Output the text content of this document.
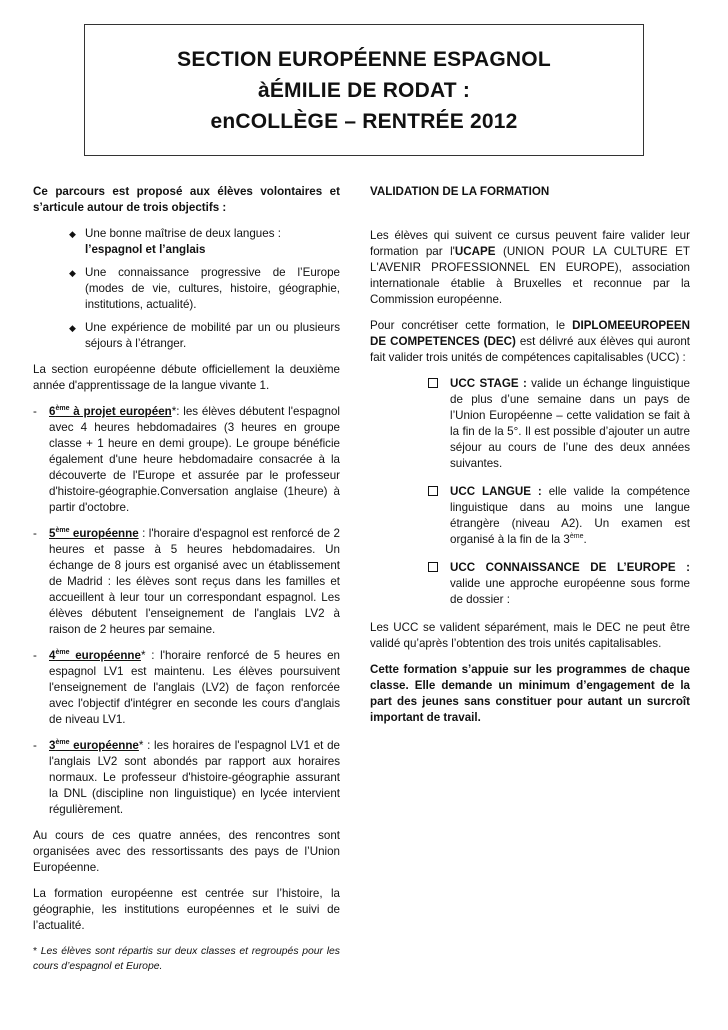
SECTION EUROPÉENNE ESPAGNOL
àÉMILIE DE RODAT :
enCOLLÈGE – RENTRÉE 2012

Ce parcours est proposé aux élèves volontaires et s’articule autour de trois objectifs :

◆ Une bonne maîtrise de deux langues :
l’espagnol et l’anglais
◆ Une connaissance progressive de l’Europe (modes de vie, cultures, histoire, géographie, institutions, actualité).
◆ Une expérience de mobilité par un ou plusieurs séjours à l’étranger.

La section européenne débute officiellement la deuxième année d'apprentissage de la langue vivante 1.

- 6ème à projet européen*: les élèves débutent l'espagnol avec 4 heures hebdomadaires (3 heures en groupe classe + 1 heure en demi groupe). Le groupe bénéficie également d'une heure hebdomadaire consacrée à la découverte de l'Europe et assurée par le professeur d'histoire-géographie.Conversation anglaise (1heure) à partir d'octobre.
- 5ème européenne : l'horaire d'espagnol est renforcé de 2 heures et passe à 5 heures hebdomadaires. Un échange de 8 jours est organisé avec un établissement de Madrid : les élèves sont reçus dans les familles et accueillent à leur tour un correspondant espagnol. Les élèves débutent l'enseignement de l'anglais LV2 à raison de 2 heures par semaine.
- 4ème européenne* : l'horaire renforcé de 5 heures en espagnol LV1 est maintenu. Les élèves poursuivent l'enseignement de l'anglais (LV2) de façon renforcée avec l'objectif d'intégrer en seconde les cours d'anglais de niveau LV1.
- 3ème européenne* : les horaires de l'espagnol LV1 et de l'anglais LV2 sont abondés par rapport aux horaires normaux. Le professeur d'histoire-géographie assurant la DNL (discipline non linguistique) en lycée intervient régulièrement.

Au cours de ces quatre années, des rencontres sont organisées avec des ressortissants des pays de l’Union Européenne.

La formation européenne est centrée sur l’histoire, la géographie, les institutions européennes et le suivi de l’actualité.

* Les élèves sont répartis sur deux classes et regroupés pour les cours d’espagnol et Europe.

VALIDATION DE LA FORMATION

Les élèves qui suivent ce cursus peuvent faire valider leur formation par l'UCAPE (UNION POUR LA CULTURE ET L'AVENIR PROFESSIONNEL EN EUROPE), association internationale établie à Bruxelles et reconnue par la Commission européenne.

Pour concrétiser cette formation, le DIPLOMEEUROPEEN DE COMPETENCES (DEC) est délivré aux élèves qui auront fait valider trois unités de compétences capitalisables (UCC) :

UCC STAGE : valide un échange linguistique de plus d’une semaine dans un pays de l’Union Européenne – cette validation se fait à la fin de la 5°. Il est possible d’ajouter un autre séjour au cours de l’une des deux années suivantes.
UCC LANGUE : elle valide la compétence linguistique dans au moins une langue étrangère (niveau A2). Un examen est organisé à la fin de la 3ème.
UCC CONNAISSANCE DE L’EUROPE : valide une approche européenne sous forme de dossier :

Les UCC se valident séparément, mais le DEC ne peut être validé qu’après l’obtention des trois unités capitalisables.

Cette formation s’appuie sur les programmes de chaque classe. Elle demande un minimum d’engagement de la part des jeunes sans constituer pour autant un surcroît important de travail.
